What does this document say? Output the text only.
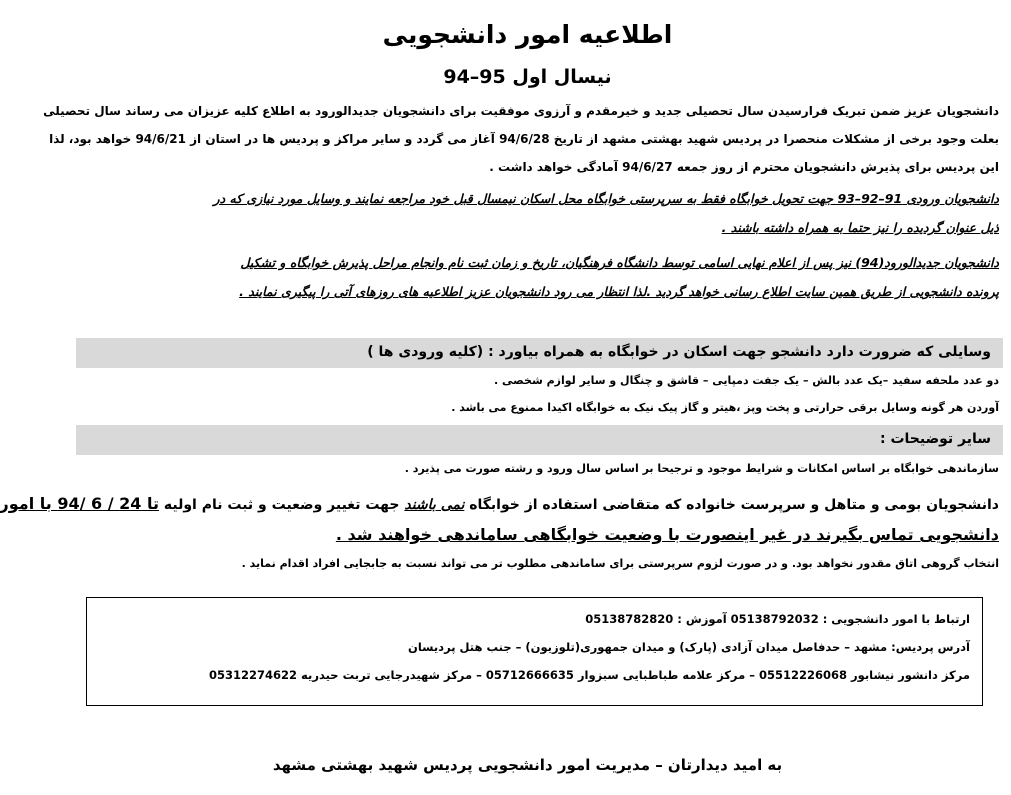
اطلاعیه امور دانشجویی
نیسال اول 95–94
دانشجویان عزیز ضمن تبریک فرارسیدن سال تحصیلی جدید و خیرمقدم و آرزوی موفقیت برای دانشجویان جدیدالورود به اطلاع کلیه عزیزان می رساند سال تحصیلی
بعلت وجود برخی از مشکلات منحصرا در پردیس شهید بهشتی مشهد از تاریخ 94/6/28 آغاز می گردد و سایر مراکز و پردیس ها در استان از 94/6/21 خواهد بود، لذا
این پردیس برای پذیرش دانشجویان محترم از روز جمعه 94/6/27 آمادگی خواهد داشت .
دانشجویان ورودی 91–92–93 جهت تحویل خوابگاه فقط به سرپرستی خوابگاه محل اسکان نیمسال قبل خود مراجعه نمایند و وسایل مورد نیازی که در
ذیل عنوان گردیده را نیز حتما به همراه داشته باشند .
دانشجویان جدیدالورود(94) نیز پس از اعلام نهایی اسامی توسط دانشگاه فرهنگیان، تاریخ و زمان ثبت نام وانجام مراحل پذیرش خوابگاه و تشکیل
پرونده دانشجویی از طریق همین سایت اطلاع رسانی خواهد گردید .لذا انتظار می رود دانشجویان عزیز اطلاعیه های روزهای آتی را پیگیری نمایند .
وسایلی که ضرورت دارد دانشجو جهت اسکان در خوابگاه به همراه بیاورد : (کلیه ورودی ها )
دو عدد ملحفه سفید –یک عدد بالش – یک جفت دمپایی – قاشق و چنگال و سایر لوازم شخصی .
آوردن هر گونه وسایل برقی حرارتی و پخت وپز ،هیتر و گاز پیک نیک به خوابگاه اکیدا ممنوع می باشد .
سایر توضیحات :
سازماندهی خوابگاه بر اساس امکانات و شرایط موجود و ترجیحا بر اساس سال ورود و رشته صورت می پذیرد .
دانشجویان بومی و متاهل و سرپرست خانواده که متقاضی استفاده از خوابگاه نمی باشند جهت تغییر وضعیت و ثبت نام اولیه تا 24 / 6 /94 با امور
دانشجویی تماس بگیرند در غیر اینصورت با وضعیت خوابگاهی ساماندهی خواهند شد .
انتخاب گروهی اتاق مقدور نخواهد بود. و در صورت لزوم سرپرستی برای ساماندهی مطلوب تر می تواند نسبت به جابجایی افراد اقدام نماید .
ارتباط با امور دانشجویی : 05138792032 آموزش : 05138782820
آدرس پردیس: مشهد – حدفاصل میدان آزادی (پارک) و میدان جمهوری(تلوزیون) – جنب هتل پردیسان
مرکز دانشور نیشابور 05512226068 – مرکز علامه طباطبایی سبزوار 05712666635 – مرکز شهیدرجایی تربت حیدریه 05312274622
به امید دیدارتان – مدیریت امور دانشجویی پردیس شهید بهشتی مشهد
